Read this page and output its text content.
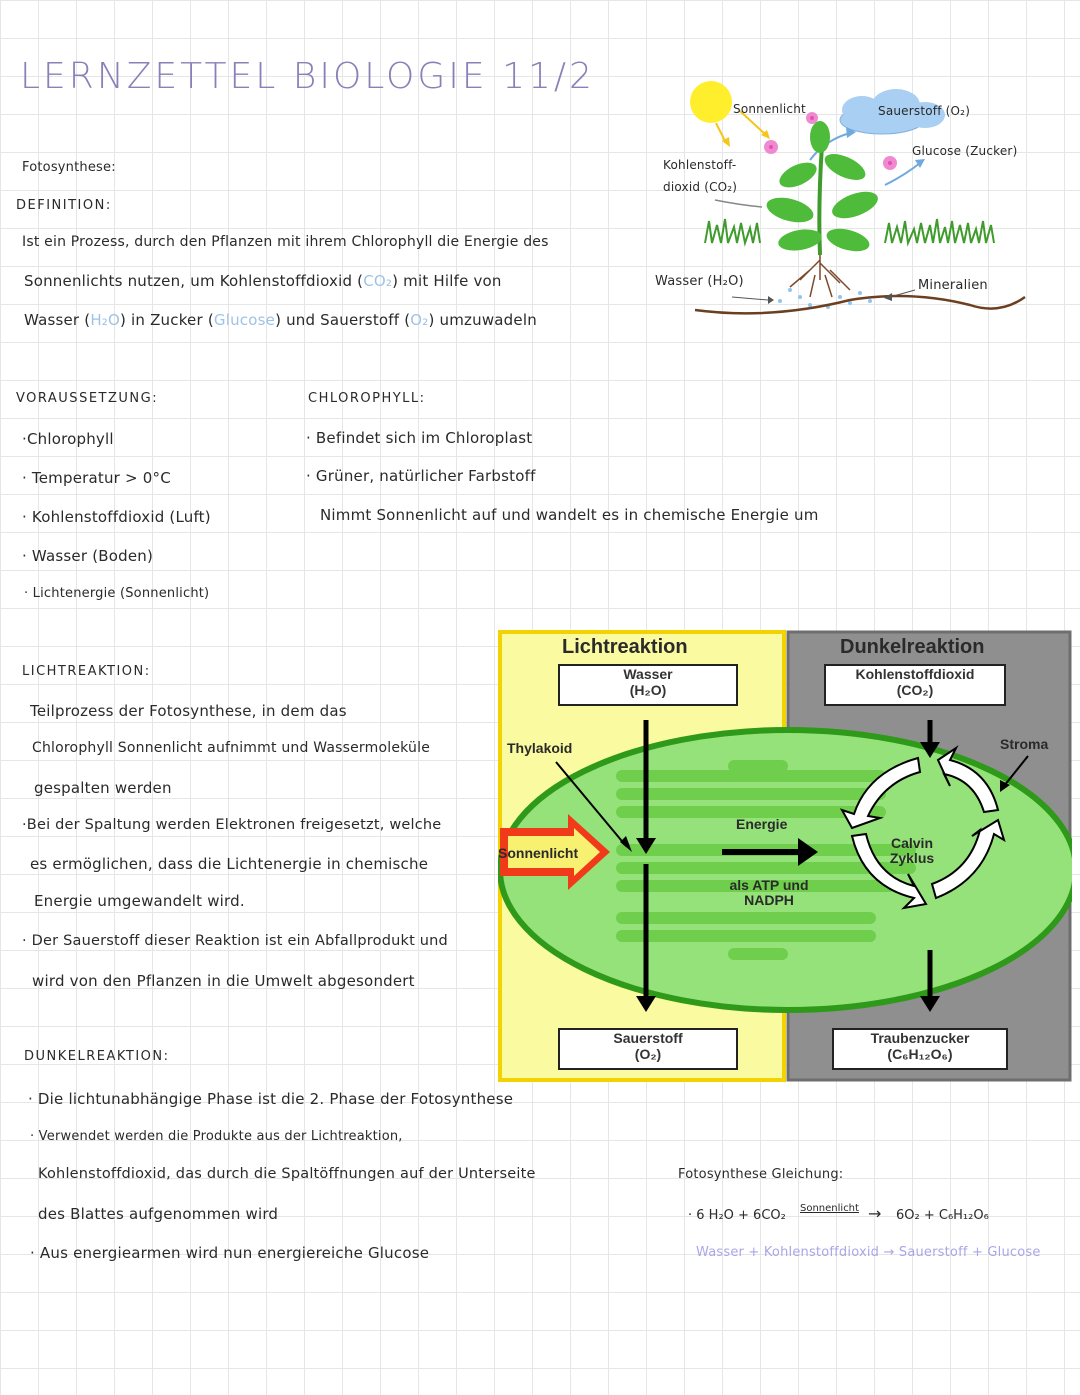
LERNZETTEL BIOLOGIE 11/2
Fotosynthese:
DEFINITION:
Ist ein Prozess, durch den Pflanzen mit ihrem Chlorophyll die Energie des
Sonnenlichts nutzen, um Kohlenstoffdioxid (CO₂) mit Hilfe von
Wasser (H₂O) in Zucker (Glucose) und Sauerstoff (O₂) umzuwadeln
Sonnenlicht	Sauerstoff (O₂)
Glucose (Zucker)
Kohlenstoff-
dioxid (CO₂)
Wasser (H₂O)	Mineralien
VORAUSSETZUNG:
·Chlorophyll
· Temperatur > 0°C
· Kohlenstoffdioxid (Luft)
· Wasser (Boden)
· Lichtenergie (Sonnenlicht)
CHLOROPHYLL:
· Befindet sich im Chloroplast
· Grüner, natürlicher Farbstoff
Nimmt Sonnenlicht auf und wandelt es in chemische Energie um
LICHTREAKTION:
Teilprozess der Fotosynthese, in dem das
Chlorophyll Sonnenlicht aufnimmt und Wassermoleküle
gespalten werden
·Bei der Spaltung werden Elektronen freigesetzt, welche
es ermöglichen, dass die Lichtenergie in chemische
Energie umgewandelt wird.
· Der Sauerstoff dieser Reaktion ist ein Abfallprodukt und
wird von den Pflanzen in die Umwelt abgesondert
Lichtreaktion	Dunkelreaktion
Wasser
(H₂O)
Kohlenstoffdioxid
(CO₂)
Thylakoid	Stroma
Sonnenlicht
Energie
als ATP und
NADPH
Calvin
Zyklus
Sauerstoff
(O₂)
Traubenzucker
(C₆H₁₂O₆)
DUNKELREAKTION:
· Die lichtunabhängige Phase ist die 2. Phase der Fotosynthese
· Verwendet werden die Produkte aus der Lichtreaktion,
Kohlenstoffdioxid, das durch die Spaltöffnungen auf der Unterseite
des Blattes aufgenommen wird
· Aus energiearmen wird nun energiereiche Glucose
Fotosynthese Gleichung:
· 6 H₂O + 6CO₂ Sonnenlicht → 6O₂ + C₆H₁₂O₆
Wasser + Kohlenstoffdioxid → Sauerstoff + Glucose
